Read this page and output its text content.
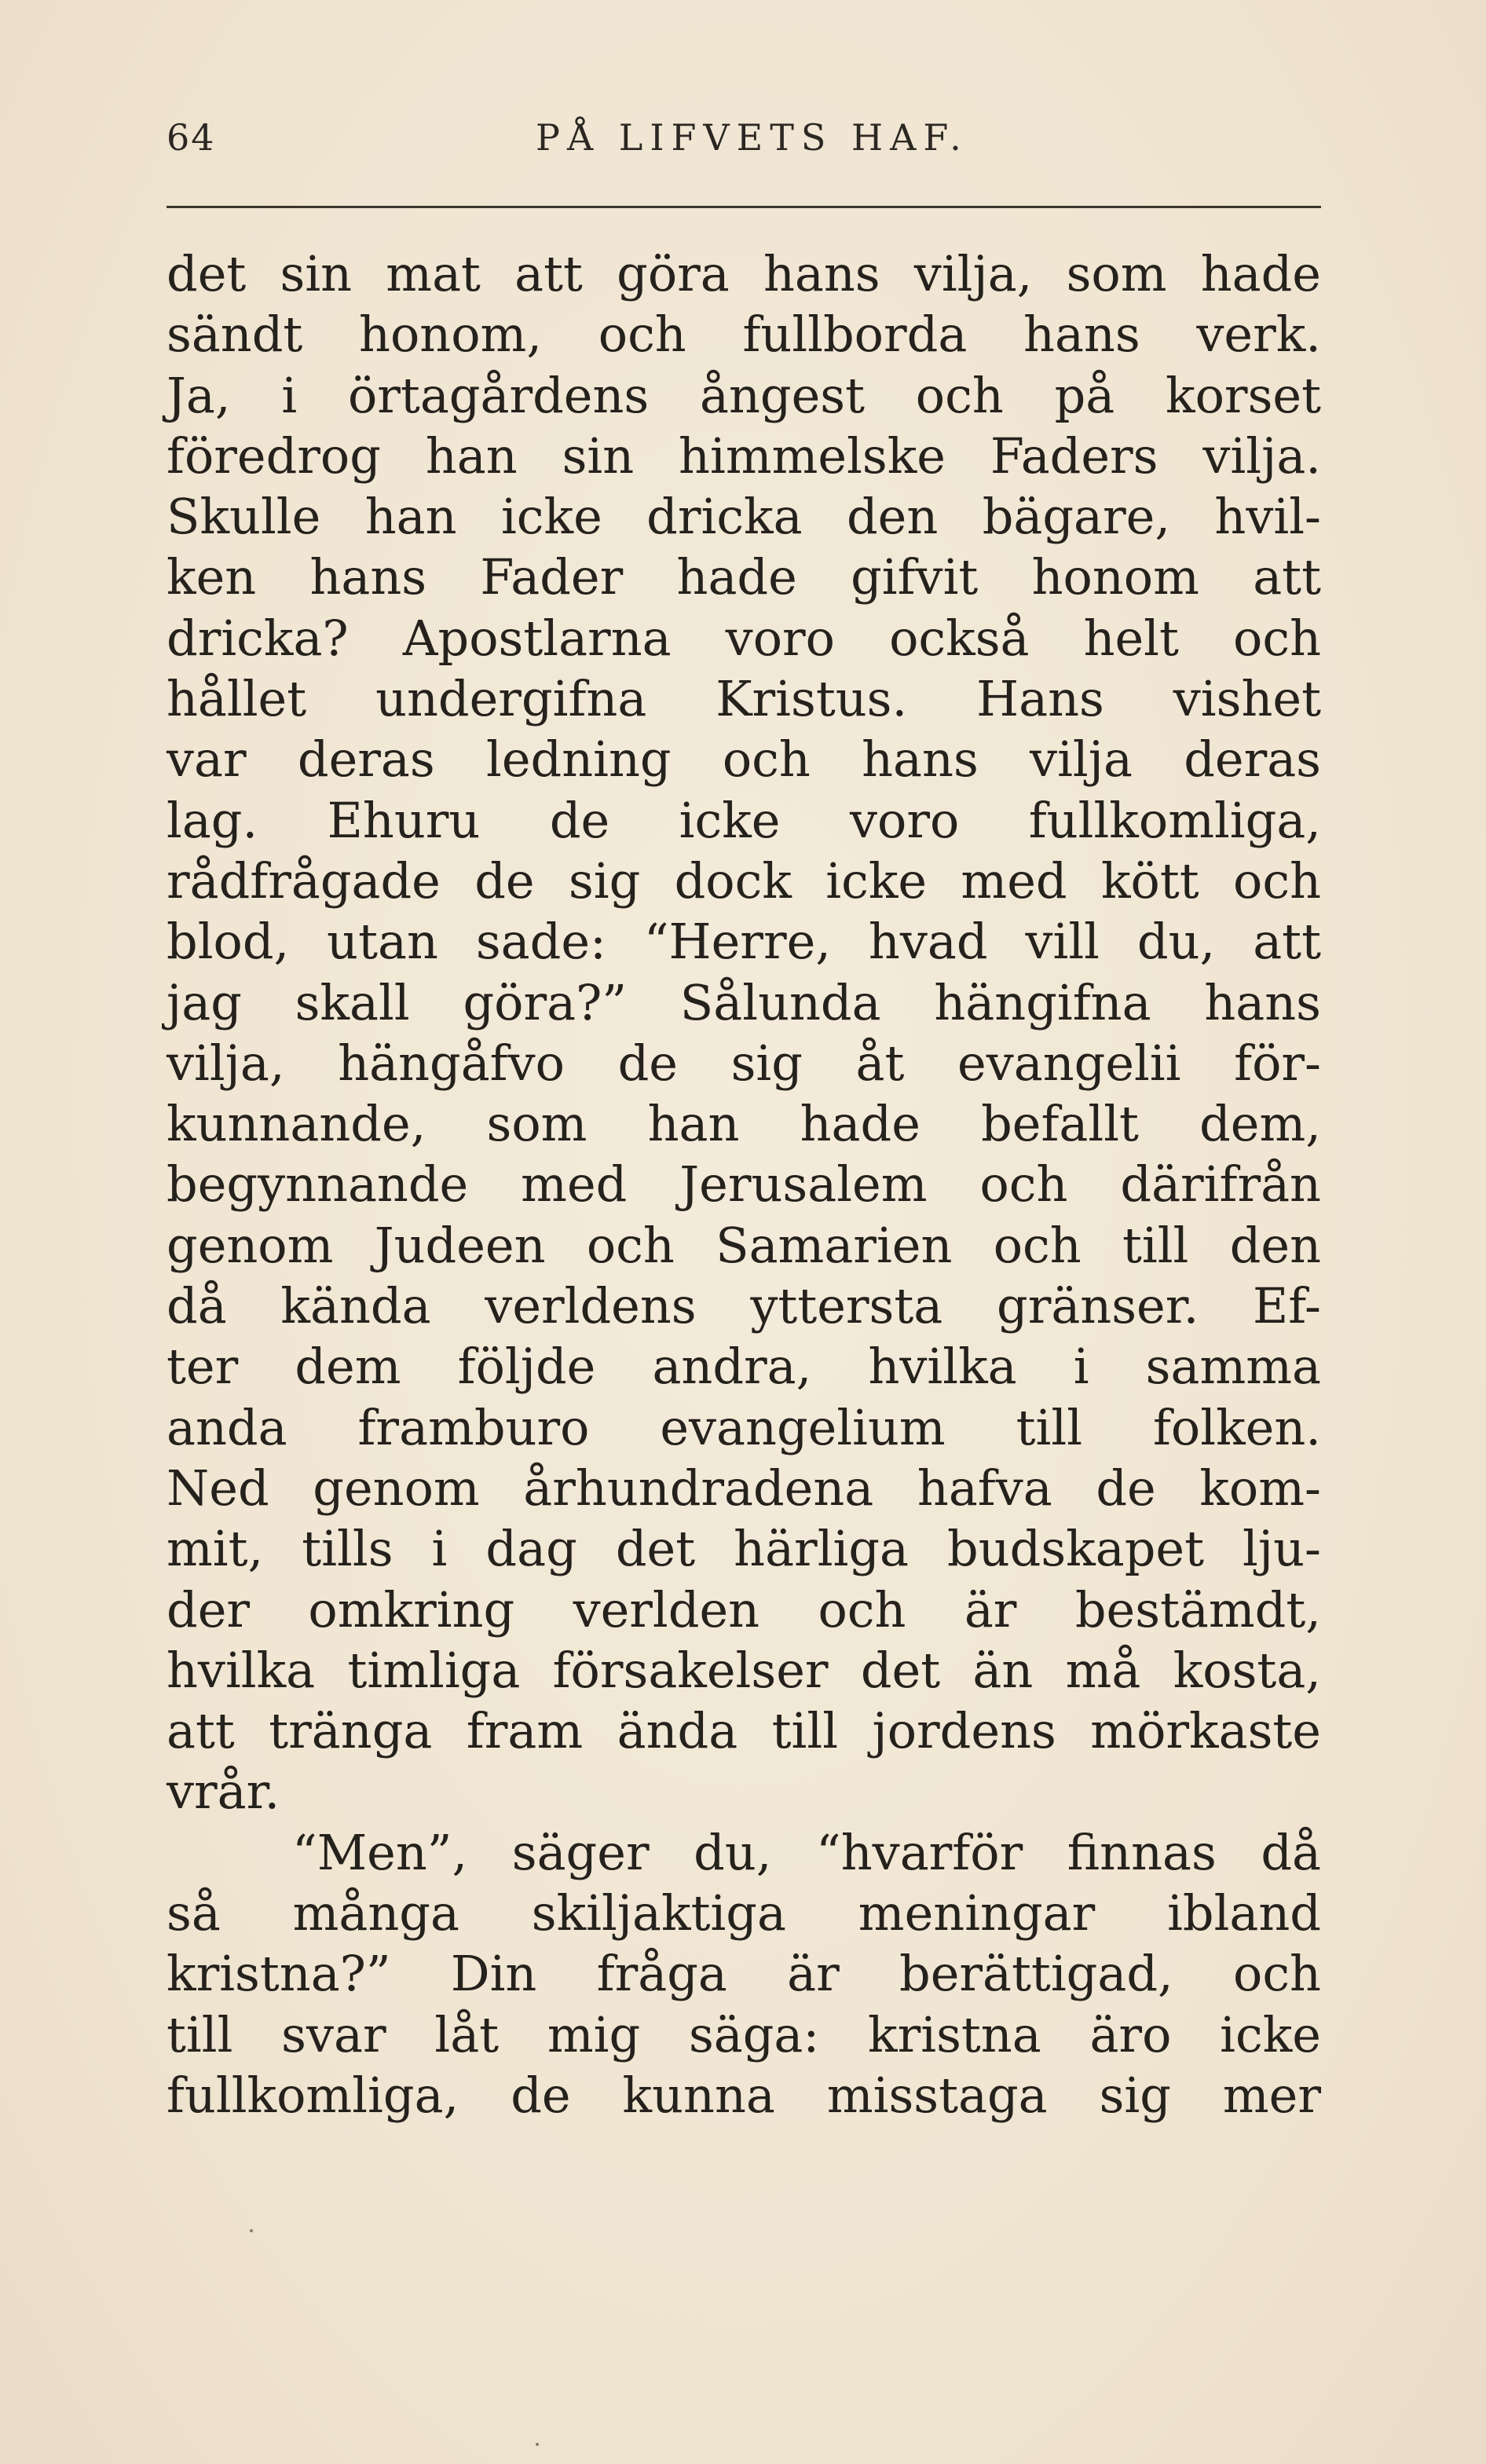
64	PÅ LIFVETS HAF.
det sin mat att göra hans vilja, som hade
sändt honom, och fullborda hans verk.
Ja, i örtagårdens ångest och på korset
föredrog han sin himmelske Faders vilja.
Skulle han icke dricka den bägare, hvil-
ken hans Fader hade gifvit honom att
dricka? Apostlarna voro också helt och
hållet undergifna Kristus. Hans vishet
var deras ledning och hans vilja deras
lag. Ehuru de icke voro fullkomliga,
rådfrågade de sig dock icke med kött och
blod, utan sade: “Herre, hvad vill du, att
jag skall göra?” Sålunda hängifna hans
vilja, hängåfvo de sig åt evangelii för-
kunnande, som han hade befallt dem,
begynnande med Jerusalem och därifrån
genom Judeen och Samarien och till den
då kända verldens yttersta gränser. Ef-
ter dem följde andra, hvilka i samma
anda framburo evangelium till folken.
Ned genom århundradena hafva de kom-
mit, tills i dag det härliga budskapet lju-
der omkring verlden och är bestämdt,
hvilka timliga försakelser det än må kosta,
att tränga fram ända till jordens mörkaste
vrår.
“Men”, säger du, “hvarför finnas då
så många skiljaktiga meningar ibland
kristna?” Din fråga är berättigad, och
till svar låt mig säga: kristna äro icke
fullkomliga, de kunna misstaga sig mer
